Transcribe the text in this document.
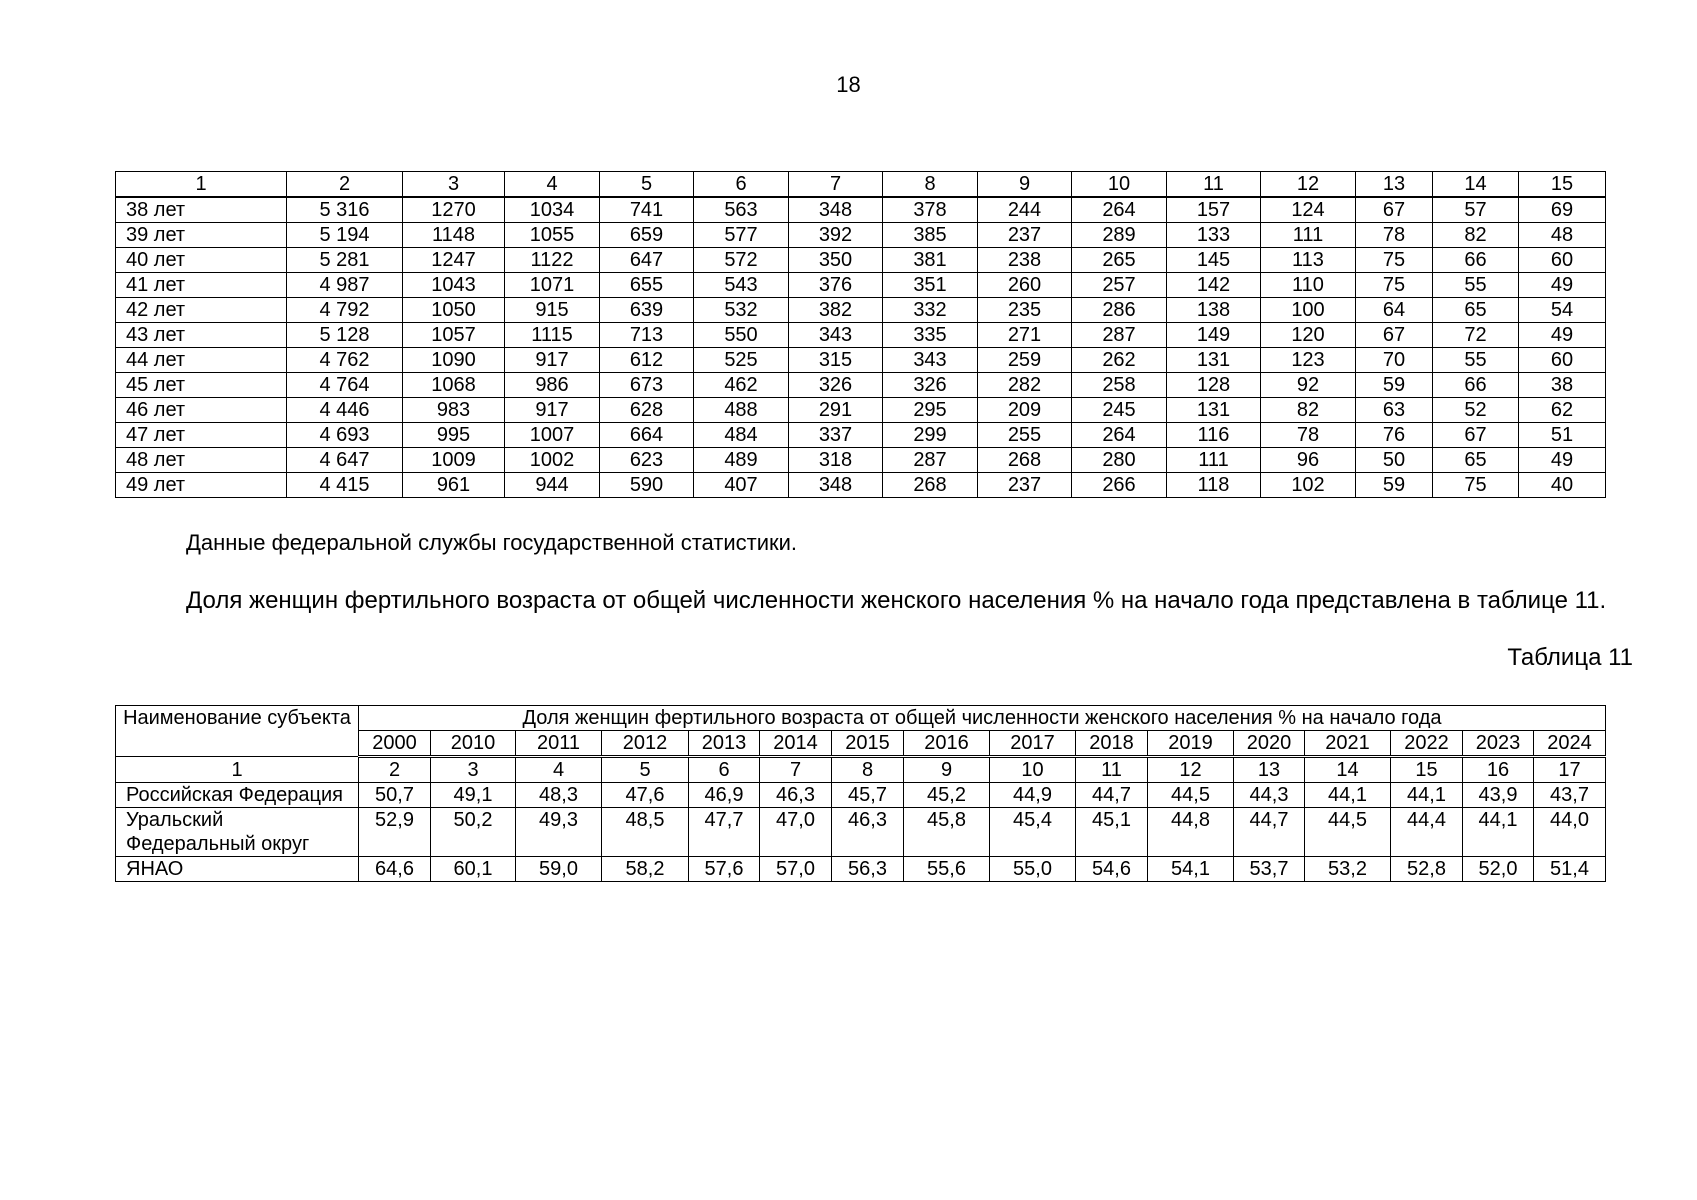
18
1	2	3	4	5	6	7	8	9	10	11	12	13	14	15
38 лет	5 316	1270	1034	741	563	348	378	244	264	157	124	67	57	69
39 лет	5 194	1148	1055	659	577	392	385	237	289	133	111	78	82	48
40 лет	5 281	1247	1122	647	572	350	381	238	265	145	113	75	66	60
41 лет	4 987	1043	1071	655	543	376	351	260	257	142	110	75	55	49
42 лет	4 792	1050	915	639	532	382	332	235	286	138	100	64	65	54
43 лет	5 128	1057	1115	713	550	343	335	271	287	149	120	67	72	49
44 лет	4 762	1090	917	612	525	315	343	259	262	131	123	70	55	60
45 лет	4 764	1068	986	673	462	326	326	282	258	128	92	59	66	38
46 лет	4 446	983	917	628	488	291	295	209	245	131	82	63	52	62
47 лет	4 693	995	1007	664	484	337	299	255	264	116	78	76	67	51
48 лет	4 647	1009	1002	623	489	318	287	268	280	111	96	50	65	49
49 лет	4 415	961	944	590	407	348	268	237	266	118	102	59	75	40
Данные федеральной службы государственной статистики.
Доля женщин фертильного возраста от общей численности женского населения % на начало года представлена в таблице 11.
Таблица 11
Наименование субъекта	Доля женщин фертильного возраста от общей численности женского населения % на начало года															
	2000	2010	2011	2012	2013	2014	2015	2016	2017	2018	2019	2020	2021	2022	2023	2024
1	2	3	4	5	6	7	8	9	10	11	12	13	14	15	16	17
Российская Федерация	50,7	49,1	48,3	47,6	46,9	46,3	45,7	45,2	44,9	44,7	44,5	44,3	44,1	44,1	43,9	43,7
Уральский Федеральный округ	52,9	50,2	49,3	48,5	47,7	47,0	46,3	45,8	45,4	45,1	44,8	44,7	44,5	44,4	44,1	44,0
ЯНАО	64,6	60,1	59,0	58,2	57,6	57,0	56,3	55,6	55,0	54,6	54,1	53,7	53,2	52,8	52,0	51,4
